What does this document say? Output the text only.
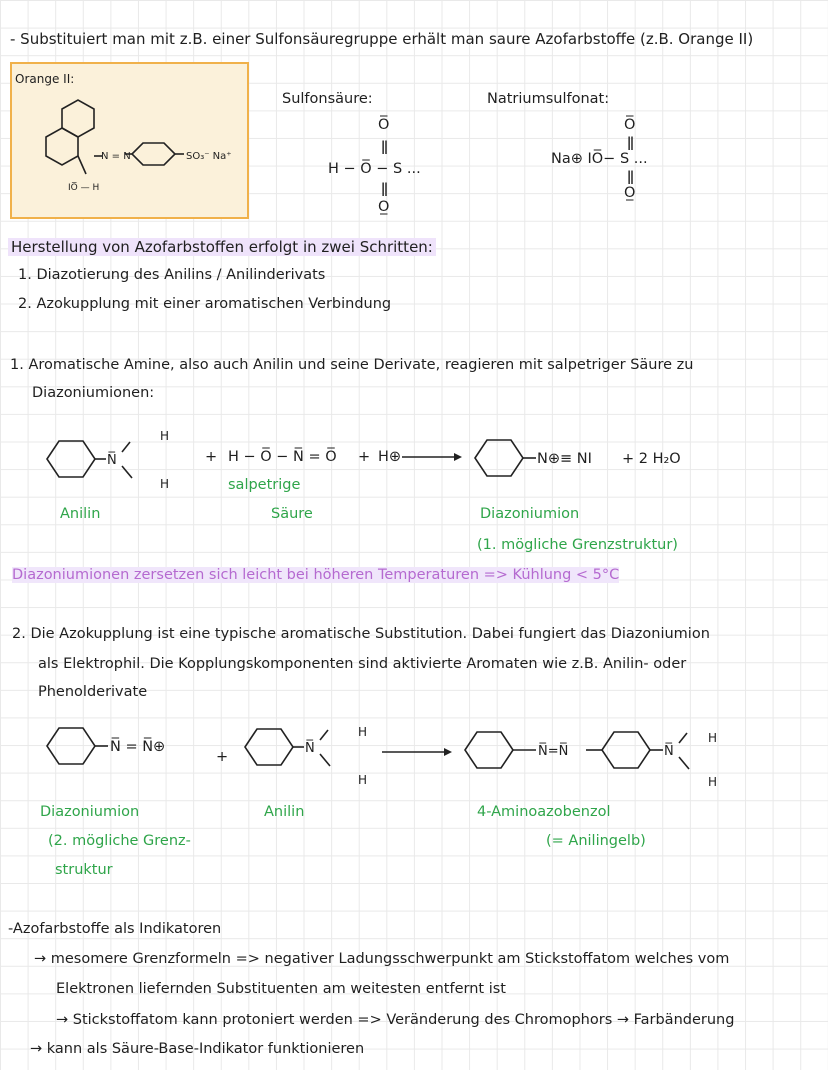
- Substituiert man mit z.B. einer Sulfonsäuregruppe erhält man saure Azofarbstoffe (z.B. Orange II)
Orange II:
N = N	SO₃⁻ Na⁺
IO̅ — H
Sulfonsäure:
O̅
ǁ
H − O̅ − S ...
ǁ
O̲
Natriumsulfonat:
O̅
ǁ
Na⊕ IO̅− S ...
ǁ
O̲
Herstellung von Azofarbstoffen erfolgt in zwei Schritten:
1. Diazotierung des Anilins / Anilinderivats
2. Azokupplung mit einer aromatischen Verbindung
1. Aromatische Amine, also auch Anilin und seine Derivate, reagieren mit salpetriger Säure zu
Diazoniumionen:
N̅
H
H
+ H − O̅ − N̅ = O̅ + H⊕ →	N⊕≡ NI + 2 H₂O
Anilin
salpetrige
Säure	Diazoniumion
(1. mögliche Grenzstruktur)
Diazoniumionen zersetzen sich leicht bei höheren Temperaturen => Kühlung < 5°C
2. Die Azokupplung ist eine typische aromatische Substitution. Dabei fungiert das Diazoniumion
als Elektrophil. Die Kopplungskomponenten sind aktivierte Aromaten wie z.B. Anilin- oder
Phenolderivate
N̅ = N̅⊕
+
N̅
H
H
N̅=N̅	N̅
H
H
Diazoniumion
(2. mögliche Grenz-
struktur
Anilin	4-Aminoazobenzol
(= Anilingelb)
-Azofarbstoffe als Indikatoren
→ mesomere Grenzformeln => negativer Ladungsschwerpunkt am Stickstoffatom welches vom
Elektronen liefernden Substituenten am weitesten entfernt ist
→ Stickstoffatom kann protoniert werden => Veränderung des Chromophors → Farbänderung
→ kann als Säure-Base-Indikator funktionieren
